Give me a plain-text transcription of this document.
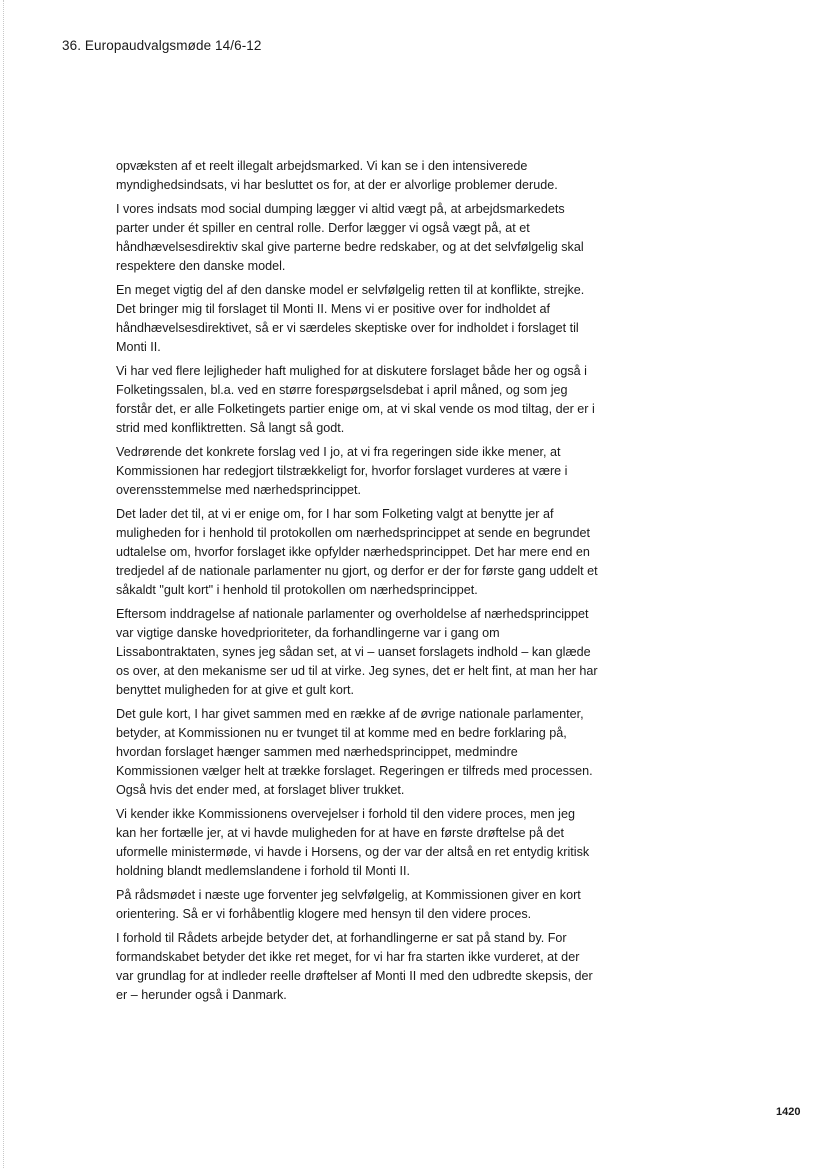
36. Europaudvalgsmøde 14/6-12

opvæksten af et reelt illegalt arbejdsmarked. Vi kan se i den intensiverede myndighedsindsats, vi har besluttet os for, at der er alvorlige problemer derude.

I vores indsats mod social dumping lægger vi altid vægt på, at arbejdsmarkedets parter under ét spiller en central rolle. Derfor lægger vi også vægt på, at et håndhævelsesdirektiv skal give parterne bedre redskaber, og at det selvfølgelig skal respektere den danske model.

En meget vigtig del af den danske model er selvfølgelig retten til at konflikte, strejke. Det bringer mig til forslaget til Monti II. Mens vi er positive over for indholdet af håndhævelsesdirektivet, så er vi særdeles skeptiske over for indholdet i forslaget til Monti II.

Vi har ved flere lejligheder haft mulighed for at diskutere forslaget både her og også i Folketingssalen, bl.a. ved en større forespørgselsdebat i april måned, og som jeg forstår det, er alle Folketingets partier enige om, at vi skal vende os mod tiltag, der er i strid med konfliktretten. Så langt så godt.

Vedrørende det konkrete forslag ved I jo, at vi fra regeringen side ikke mener, at Kommissionen har redegjort tilstrækkeligt for, hvorfor forslaget vurderes at være i overensstemmelse med nærhedsprincippet.

Det lader det til, at vi er enige om, for I har som Folketing valgt at benytte jer af muligheden for i henhold til protokollen om nærhedsprincippet at sende en begrundet udtalelse om, hvorfor forslaget ikke opfylder nærhedsprincippet. Det har mere end en tredjedel af de nationale parlamenter nu gjort, og derfor er der for første gang uddelt et såkaldt "gult kort" i henhold til protokollen om nærhedsprincippet.

Eftersom inddragelse af nationale parlamenter og overholdelse af nærhedsprincippet var vigtige danske hovedprioriteter, da forhandlingerne var i gang om Lissabontraktaten, synes jeg sådan set, at vi – uanset forslagets indhold – kan glæde os over, at den mekanisme ser ud til at virke. Jeg synes, det er helt fint, at man her har benyttet muligheden for at give et gult kort.

Det gule kort, I har givet sammen med en række af de øvrige nationale parlamenter, betyder, at Kommissionen nu er tvunget til at komme med en bedre forklaring på, hvordan forslaget hænger sammen med nærhedsprincippet, medmindre Kommissionen vælger helt at trække forslaget. Regeringen er tilfreds med processen. Også hvis det ender med, at forslaget bliver trukket.

Vi kender ikke Kommissionens overvejelser i forhold til den videre proces, men jeg kan her fortælle jer, at vi havde muligheden for at have en første drøftelse på det uformelle ministermøde, vi havde i Horsens, og der var der altså en ret entydig kritisk holdning blandt medlemslandene i forhold til Monti II.

På rådsmødet i næste uge forventer jeg selvfølgelig, at Kommissionen giver en kort orientering. Så er vi forhåbentlig klogere med hensyn til den videre proces.

I forhold til Rådets arbejde betyder det, at forhandlingerne er sat på stand by. For formandskabet betyder det ikke ret meget, for vi har fra starten ikke vurderet, at der var grundlag for at indleder reelle drøftelser af Monti II med den udbredte skepsis, der er – herunder også i Danmark.

1420
